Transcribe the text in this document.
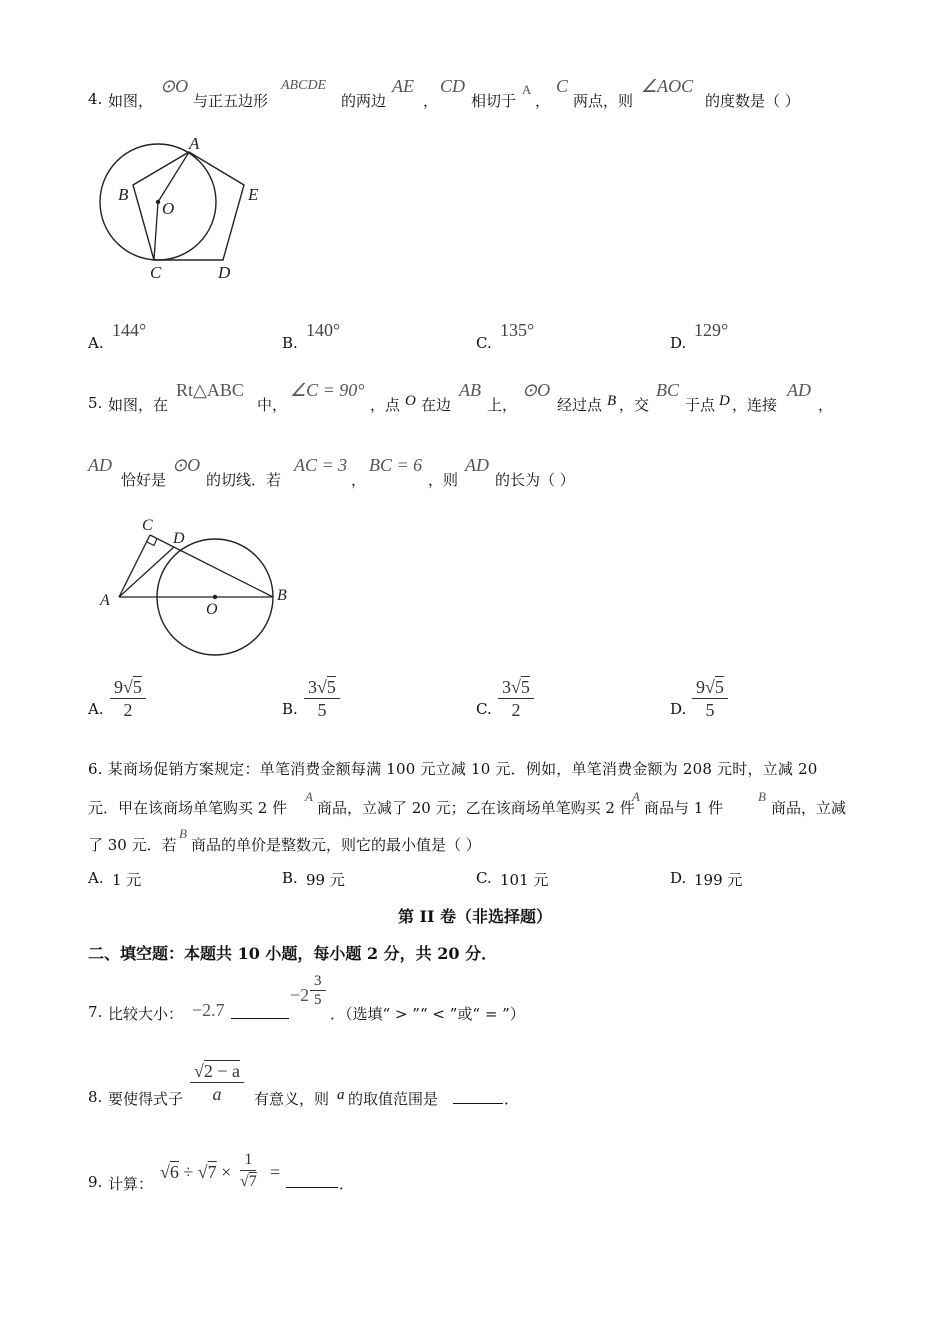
4. 如图，
⊙O
与正五边形
ABCDE
的两边
AE
，
CD
相切于
A
，
C
两点，则
∠AOC
的度数是（ ）
A
B
C	D
E
O
A.
144°
B.
140°
C.
135°
D.
129°
5. 如图，在
Rt△ABC
中，
∠C = 90°
，点 O 在边
AB
上，
⊙O
经过点 B ，交
BC
于点 D ，连接
AD
，
AD
恰好是
⊙O
的切线．若
AC = 3
，
BC = 6
，则
AD
的长为（ ）
C
D
A	B
O
A. $\frac{9√5}{2}$	B. $\frac{3√5}{5}$	C. $\frac{3√5}{2}$	D. $\frac{9√5}{5}$
6. 某商场促销方案规定：单笔消费金额每满 100 元立减 10 元．例如，单笔消费金额为 208 元时，立减 20
元．甲在该商场单笔购买 2 件
A
商品，立减了 20 元；乙在该商场单笔购买 2 件
A
商品与 1 件
B
商品，立减
了 30 元．若
B
商品的单价是整数元，则它的最小值是（ ）
A. 1 元	B. 99 元	C. 101 元	D. 199 元
第 II 卷（非选择题）
二、填空题：本题共 10 小题，每小题 2 分，共 20 分．
7. 比较大小： −2.7
$-2 \frac{3}{5}$
．（选填“ > ”“ < ”或“ = ”）
8. 要使得式子 $\frac{√2 - a}{a}$ 有意义，则 a 的取值范围是	．
9. 计算：
$√6 \div √7 \times \frac{1}{√7}$ =
．
